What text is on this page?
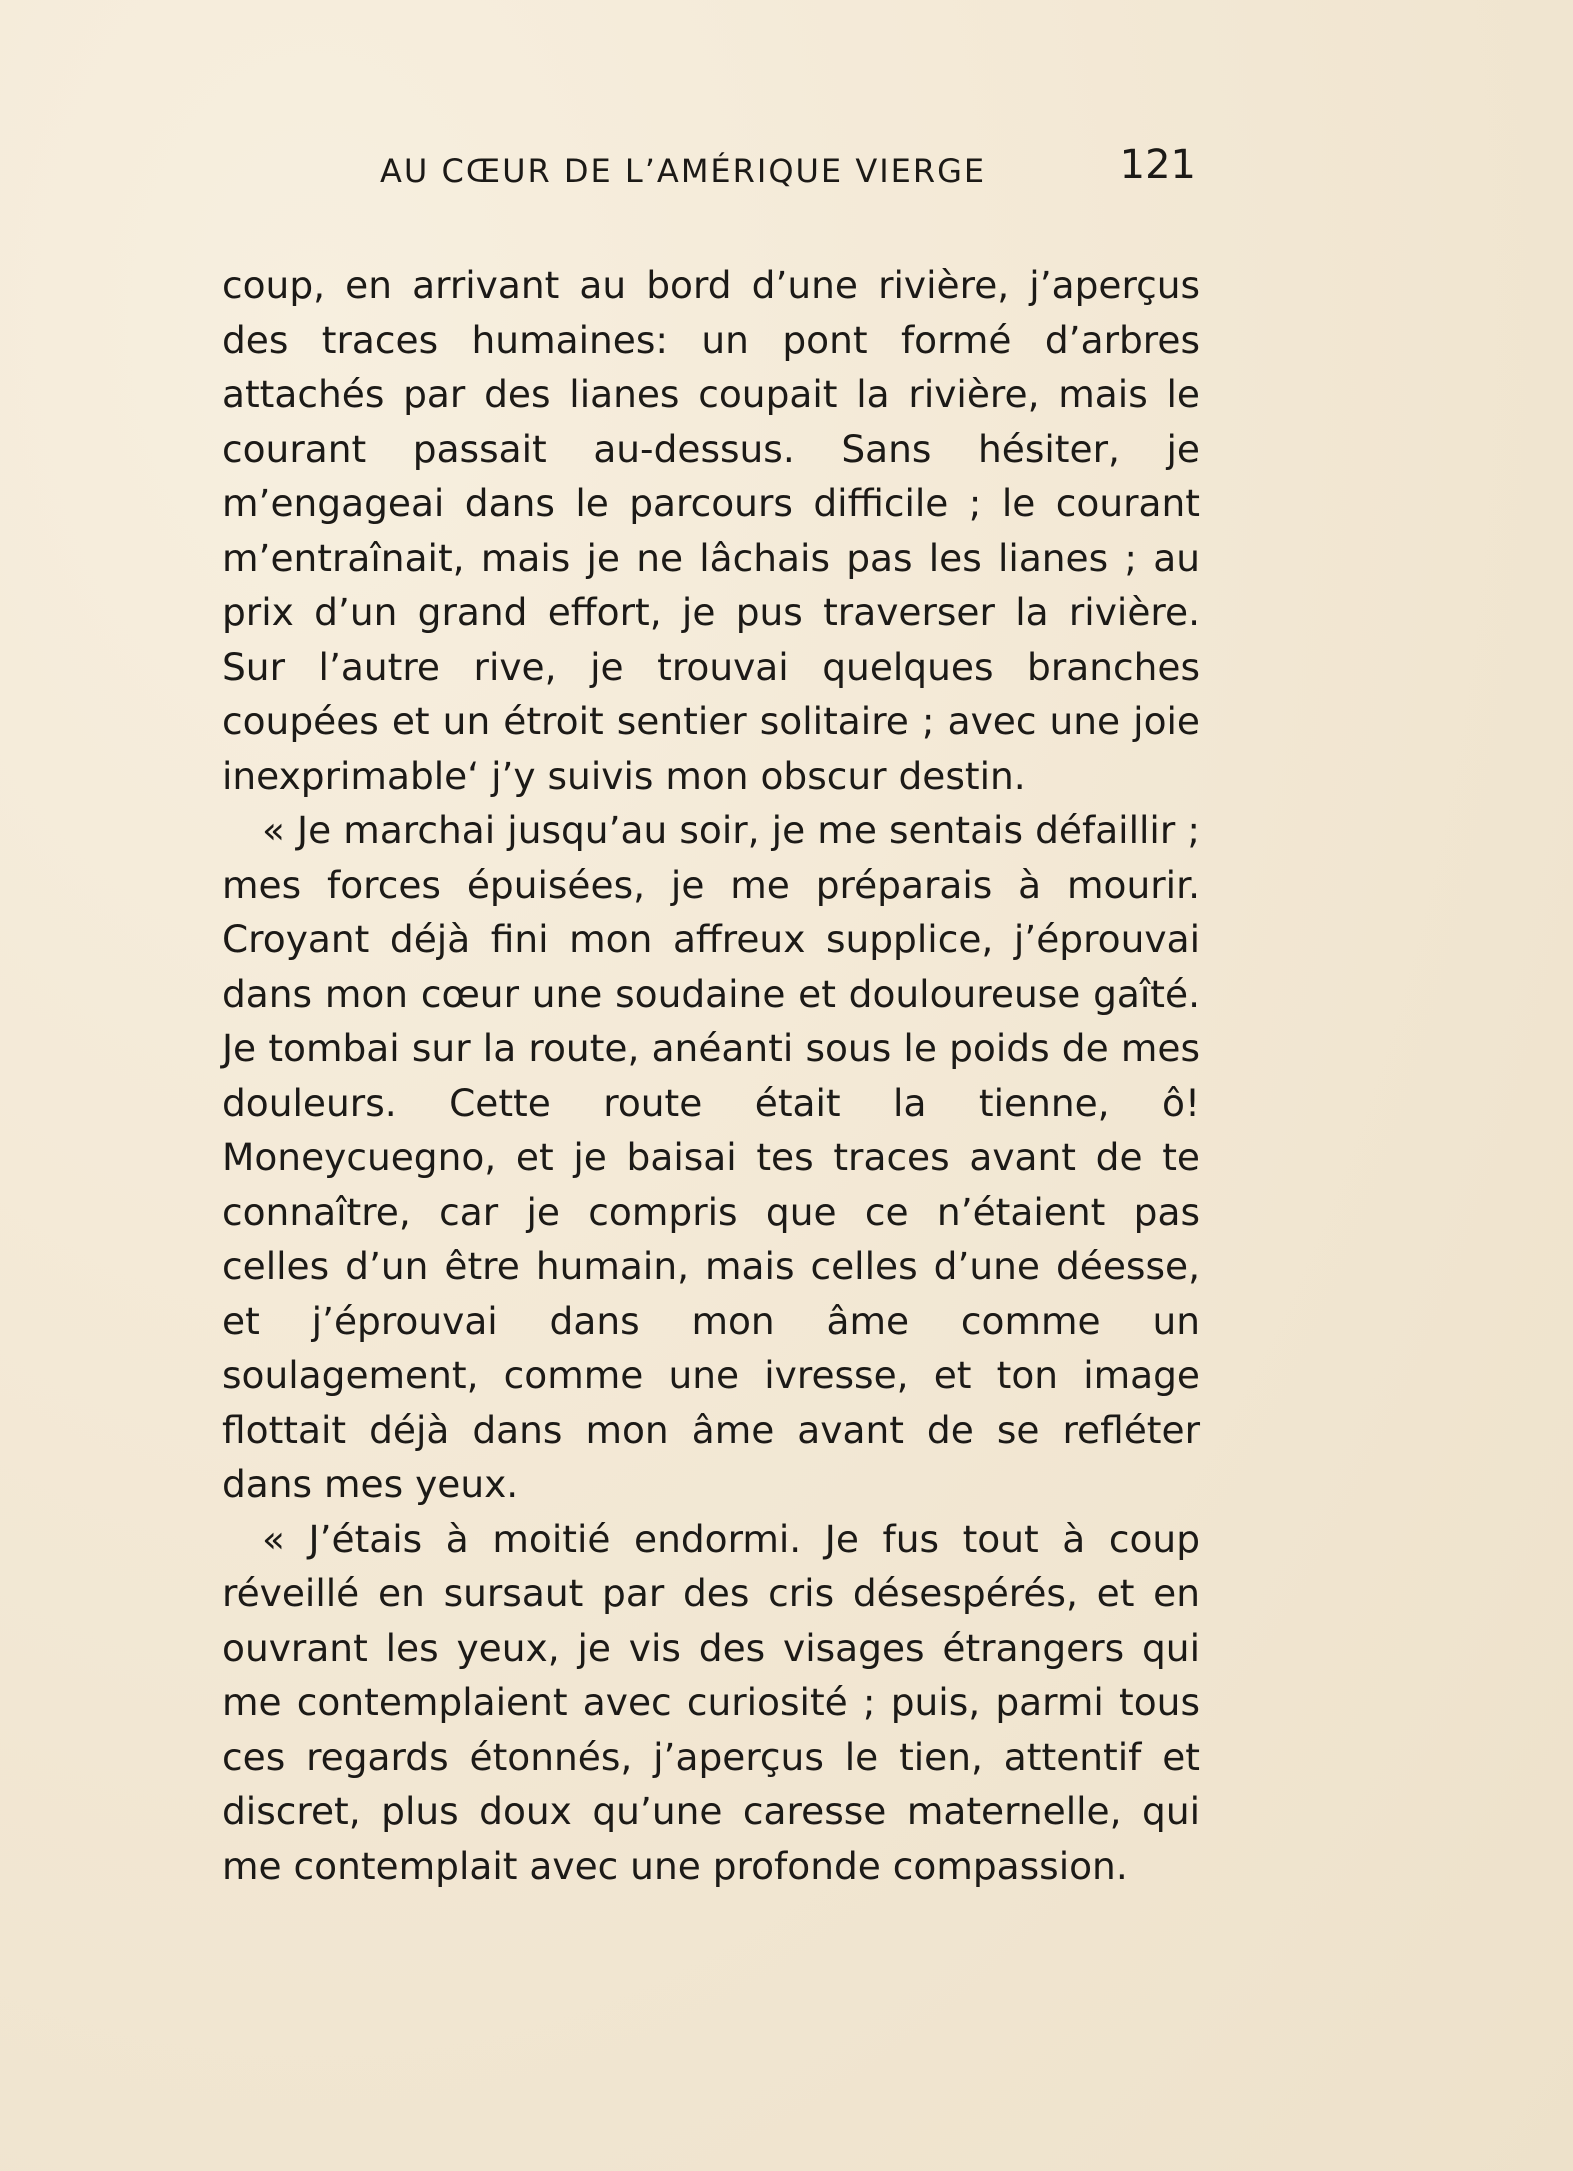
AU CŒUR DE L’AMÉRIQUE VIERGE	121

coup, en arrivant au bord d’une rivière, j’aperçus des traces humaines: un pont formé d’arbres attachés par des lianes coupait la rivière, mais le courant passait au-dessus. Sans hésiter, je m’engageai dans le parcours difficile ; le courant m’entraînait, mais je ne lâchais pas les lianes ; au prix d’un grand effort, je pus traverser la rivière. Sur l’autre rive, je trouvai quelques branches coupées et un étroit sentier solitaire ; avec une joie inexprimable‘ j’y suivis mon obscur destin.

« Je marchai jusqu’au soir, je me sentais défaillir ; mes forces épuisées, je me préparais à mourir. Croyant déjà fini mon affreux supplice, j’éprouvai dans mon cœur une soudaine et douloureuse gaîté. Je tombai sur la route, anéanti sous le poids de mes douleurs. Cette route était la tienne, ô! Moneycuegno, et je baisai tes traces avant de te connaître, car je compris que ce n’étaient pas celles d’un être humain, mais celles d’une déesse, et j’éprouvai dans mon âme comme un soulagement, comme une ivresse, et ton image flottait déjà dans mon âme avant de se refléter dans mes yeux.

« J’étais à moitié endormi. Je fus tout à coup réveillé en sursaut par des cris désespérés, et en ouvrant les yeux, je vis des visages étrangers qui me contemplaient avec curiosité ; puis, parmi tous ces regards étonnés, j’aperçus le tien, attentif et discret, plus doux qu’une caresse maternelle, qui me contemplait avec une profonde compassion.
